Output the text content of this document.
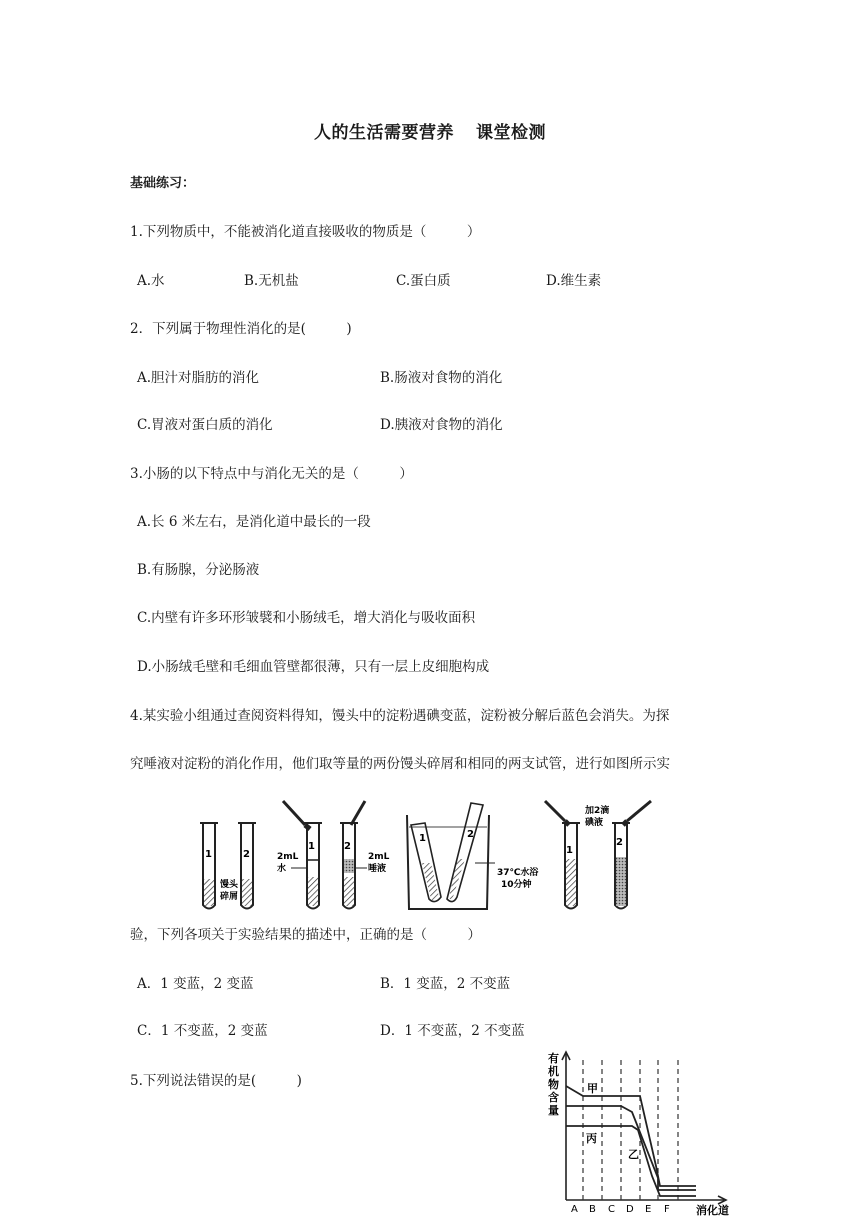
人的生活需要营养 课堂检测
基础练习：
1.下列物质中，不能被消化道直接吸收的物质是（　　　）
A.水	B.无机盐	C.蛋白质	D.维生素
2．下列属于物理性消化的是(　　　)
A.胆汁对脂肪的消化	B.肠液对食物的消化
C.胃液对蛋白质的消化	D.胰液对食物的消化
3.小肠的以下特点中与消化无关的是（　　　）
A.长 6 米左右，是消化道中最长的一段
B.有肠腺，分泌肠液
C.内壁有许多环形皱襞和小肠绒毛，增大消化与吸收面积
D.小肠绒毛壁和毛细血管壁都很薄，只有一层上皮细胞构成
4.某实验小组通过查阅资料得知，馒头中的淀粉遇碘变蓝，淀粉被分解后蓝色会消失。为探
究唾液对淀粉的消化作用，他们取等量的两份馒头碎屑和相同的两支试管，进行如图所示实
1	2
馒头
碎屑
1
2mL
水
2
2mL
唾液
1	2
37℃水浴
10分钟
1
2
加2滴
碘液
验，下列各项关于实验结果的描述中，正确的是（　　　）
A．1 变蓝，2 变蓝	B．1 变蓝，2 不变蓝
C．1 不变蓝，2 变蓝	D．1 不变蓝，2 不变蓝
5.下列说法错误的是(　　　)
有
机
物
含
量
甲
乙
丙
A B C D E F 消化道
